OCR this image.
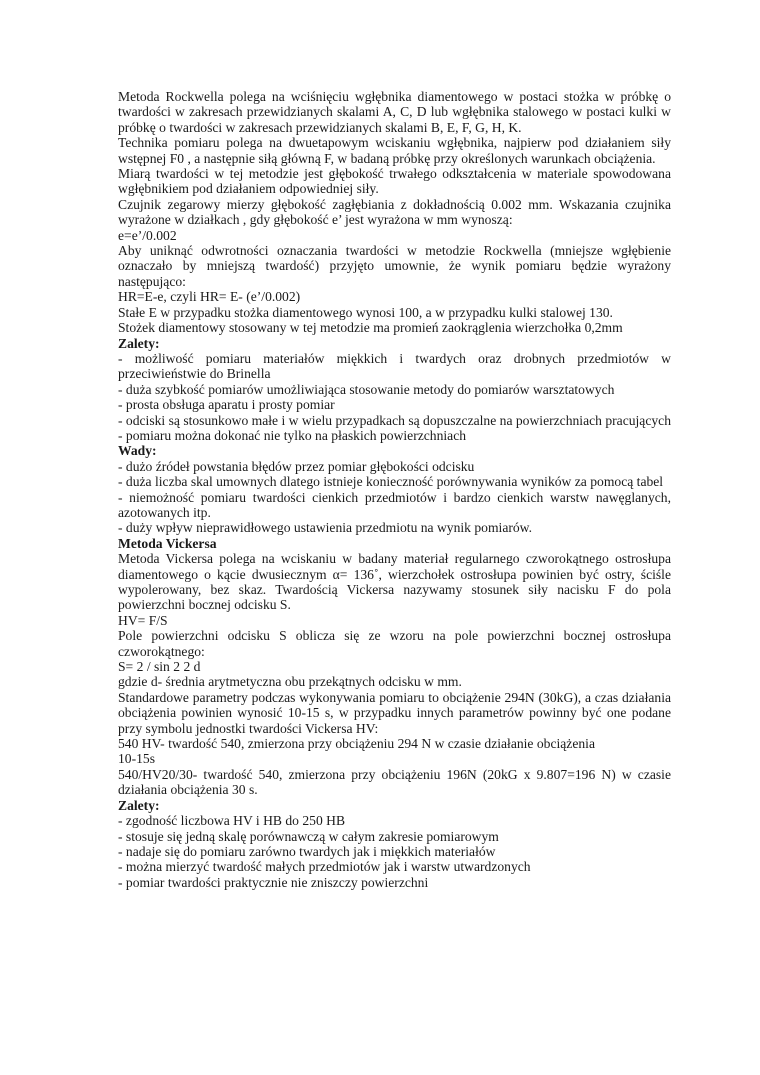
Metoda Rockwella polega na wciśnięciu wgłębnika diamentowego w postaci stożka w próbkę o twardości w zakresach przewidzianych skalami A, C, D lub wgłębnika stalowego w postaci kulki w próbkę o twardości w zakresach przewidzianych skalami B, E, F, G, H, K.

Technika pomiaru polega na dwuetapowym wciskaniu wgłębnika, najpierw pod działaniem siły wstępnej F0 , a następnie siłą główną F, w badaną próbkę przy określonych warunkach obciążenia.

Miarą twardości w tej metodzie jest głębokość trwałego odkształcenia w materiale spowodowana wgłębnikiem pod działaniem odpowiedniej siły.

Czujnik zegarowy mierzy głębokość zagłębiania z dokładnością 0.002 mm. Wskazania czujnika wyrażone w działkach , gdy głębokość e’ jest wyrażona w mm wynoszą:

e=e’/0.002

Aby uniknąć odwrotności oznaczania twardości w metodzie Rockwella (mniejsze wgłębienie oznaczało by mniejszą twardość) przyjęto umownie, że wynik pomiaru będzie wyrażony następująco:

HR=E-e, czyli HR= E- (e’/0.002)

Stałe E w przypadku stożka diamentowego wynosi 100, a w przypadku kulki stalowej 130.

Stożek diamentowy stosowany w tej metodzie ma promień zaokrąglenia wierzchołka 0,2mm

Zalety:

- możliwość pomiaru materiałów miękkich i twardych oraz drobnych przedmiotów w przeciwieństwie do Brinella

- duża szybkość pomiarów umożliwiająca stosowanie metody do pomiarów warsztatowych

- prosta obsługa aparatu i prosty pomiar

- odciski są stosunkowo małe i w wielu przypadkach są dopuszczalne na powierzchniach pracujących

- pomiaru można dokonać nie tylko na płaskich powierzchniach

Wady:

- dużo źródeł powstania błędów przez pomiar głębokości odcisku

- duża liczba skal umownych dlatego istnieje konieczność porównywania wyników za pomocą tabel

- niemożność pomiaru twardości cienkich przedmiotów i bardzo cienkich warstw nawęglanych, azotowanych itp.

- duży wpływ nieprawidłowego ustawienia przedmiotu na wynik pomiarów.

Metoda Vickersa

Metoda Vickersa polega na wciskaniu w badany materiał regularnego czworokątnego ostrosłupa diamentowego o kącie dwusiecznym α= 136˚, wierzchołek ostrosłupa powinien być ostry, ściśle wypolerowany, bez skaz. Twardością Vickersa nazywamy stosunek siły nacisku F do pola powierzchni bocznej odcisku S.

HV= F/S

Pole powierzchni odcisku S oblicza się ze wzoru na pole powierzchni bocznej ostrosłupa czworokątnego:

S= 2 / sin 2 2 d

gdzie d- średnia arytmetyczna obu przekątnych odcisku w mm.

Standardowe parametry podczas wykonywania pomiaru to obciążenie 294N (30kG), a czas działania obciążenia powinien wynosić 10-15 s, w przypadku innych parametrów powinny być one podane przy symbolu jednostki twardości Vickersa HV:

540 HV- twardość 540, zmierzona przy obciążeniu 294 N w czasie działanie obciążenia

10-15s

540/HV20/30- twardość 540, zmierzona przy obciążeniu 196N (20kG x 9.807=196 N) w czasie działania obciążenia 30 s.

Zalety:

- zgodność liczbowa HV i HB do 250 HB

- stosuje się jedną skalę porównawczą w całym zakresie pomiarowym

- nadaje się do pomiaru zarówno twardych jak i miękkich materiałów

- można mierzyć twardość małych przedmiotów jak i warstw utwardzonych

- pomiar twardości praktycznie nie zniszczy powierzchni
